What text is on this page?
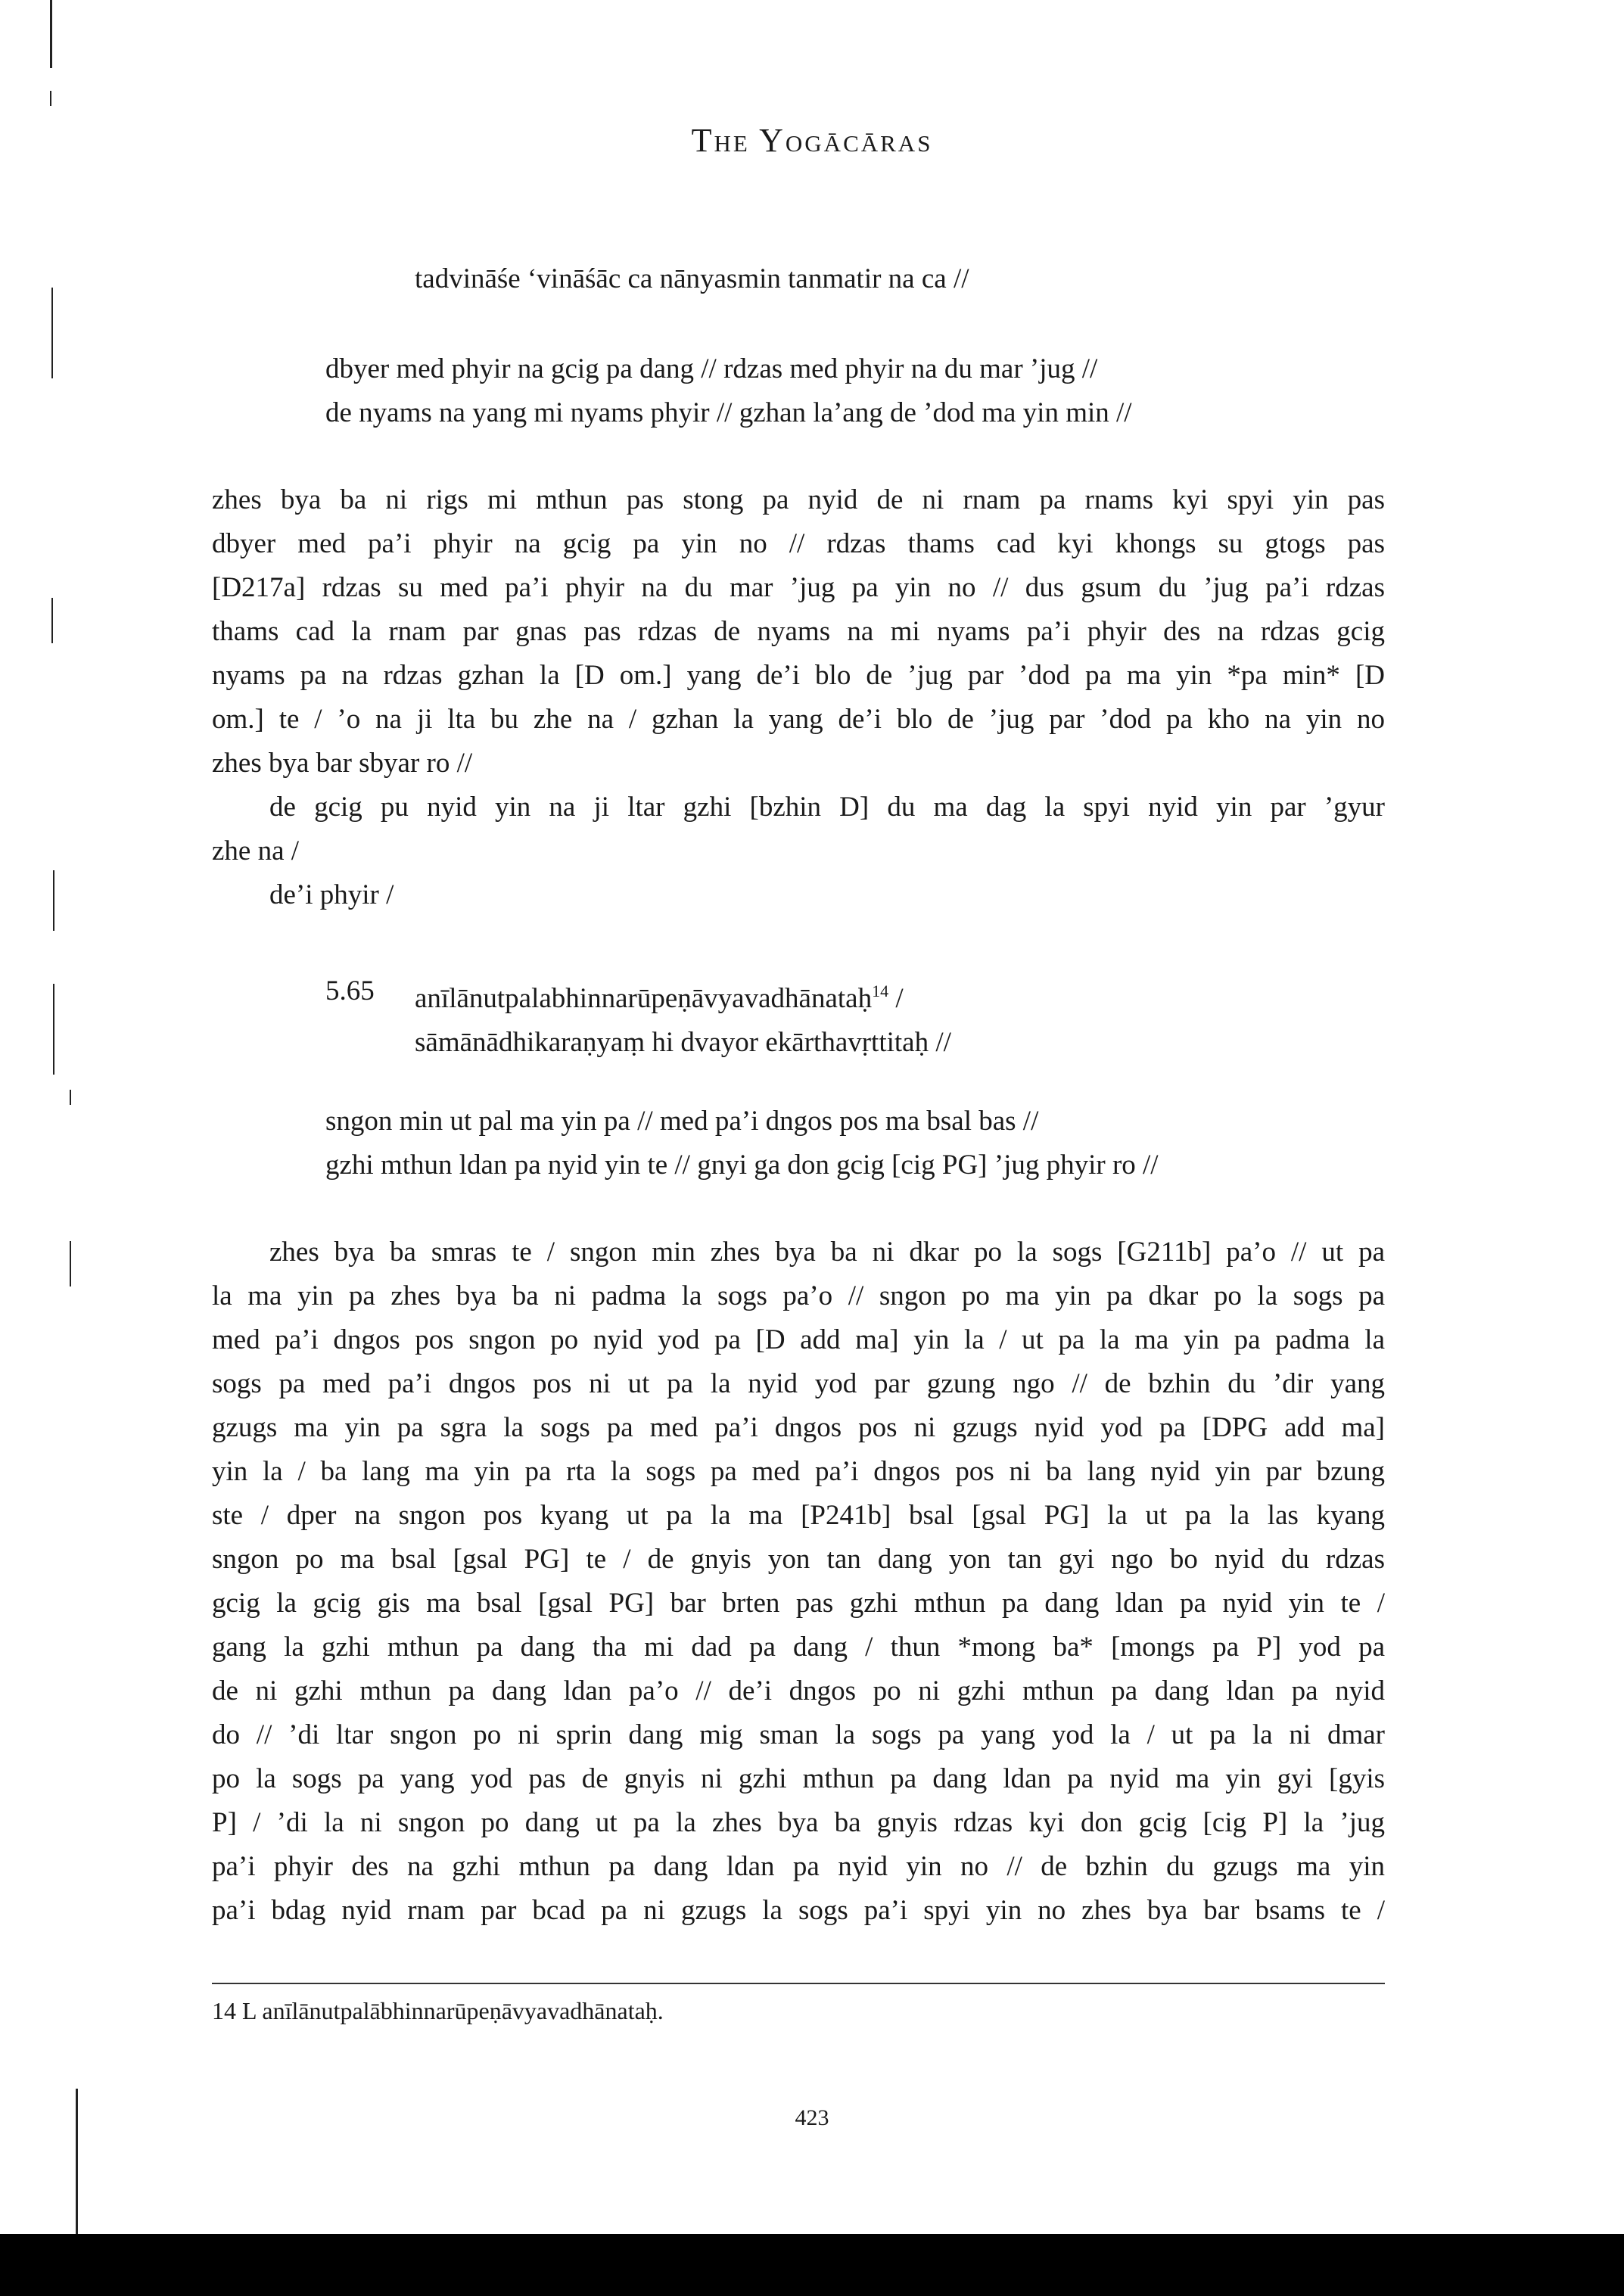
The Yogācāras
tadvināśe ‘vināśāc ca nānyasmin tanmatir na ca //
dbyer med phyir na gcig pa dang // rdzas med phyir na du mar ’jug //
de nyams na yang mi nyams phyir // gzhan la’ang de ’dod ma yin min //
zhes bya ba ni rigs mi mthun pas stong pa nyid de ni rnam pa rnams kyi spyi yin pas
dbyer med pa’i phyir na gcig pa yin no // rdzas thams cad kyi khongs su gtogs pas
[D217a] rdzas su med pa’i phyir na du mar ’jug pa yin no // dus gsum du ’jug pa’i rdzas
thams cad la rnam par gnas pas rdzas de nyams na mi nyams pa’i phyir des na rdzas gcig
nyams pa na rdzas gzhan la [D om.] yang de’i blo de ’jug par ’dod pa ma yin *pa min* [D
om.] te / ’o na ji lta bu zhe na / gzhan la yang de’i blo de ’jug par ’dod pa kho na yin no
zhes bya bar sbyar ro //
de gcig pu nyid yin na ji ltar gzhi [bzhin D] du ma dag la spyi nyid yin par ’gyur
zhe na /
de’i phyir /
5.65 anīlānutpalabhinnarūpeṇāvyavadhānataḥ$^{14}$ /
sāmānādhikaraṇyaṃ hi dvayor ekārthavṛttitaḥ //
sngon min ut pal ma yin pa // med pa’i dngos pos ma bsal bas //
gzhi mthun ldan pa nyid yin te // gnyi ga don gcig [cig PG] ’jug phyir ro //
zhes bya ba smras te / sngon min zhes bya ba ni dkar po la sogs [G211b] pa’o // ut pa
la ma yin pa zhes bya ba ni padma la sogs pa’o // sngon po ma yin pa dkar po la sogs pa
med pa’i dngos pos sngon po nyid yod pa [D add ma] yin la / ut pa la ma yin pa padma la
sogs pa med pa’i dngos pos ni ut pa la nyid yod par gzung ngo // de bzhin du ’dir yang
gzugs ma yin pa sgra la sogs pa med pa’i dngos pos ni gzugs nyid yod pa [DPG add ma]
yin la / ba lang ma yin pa rta la sogs pa med pa’i dngos pos ni ba lang nyid yin par bzung
ste / dper na sngon pos kyang ut pa la ma [P241b] bsal [gsal PG] la ut pa la las kyang
sngon po ma bsal [gsal PG] te / de gnyis yon tan dang yon tan gyi ngo bo nyid du rdzas
gcig la gcig gis ma bsal [gsal PG] bar brten pas gzhi mthun pa dang ldan pa nyid yin te /
gang la gzhi mthun pa dang tha mi dad pa dang / thun *mong ba* [mongs pa P] yod pa
de ni gzhi mthun pa dang ldan pa’o // de’i dngos po ni gzhi mthun pa dang ldan pa nyid
do // ’di ltar sngon po ni sprin dang mig sman la sogs pa yang yod la / ut pa la ni dmar
po la sogs pa yang yod pas de gnyis ni gzhi mthun pa dang ldan pa nyid ma yin gyi [gyis
P] / ’di la ni sngon po dang ut pa la zhes bya ba gnyis rdzas kyi don gcig [cig P] la ’jug
pa’i phyir des na gzhi mthun pa dang ldan pa nyid yin no // de bzhin du gzugs ma yin
pa’i bdag nyid rnam par bcad pa ni gzugs la sogs pa’i spyi yin no zhes bya bar bsams te /
14 L anīlānutpalābhinnarūpeṇāvyavadhānataḥ.
423
